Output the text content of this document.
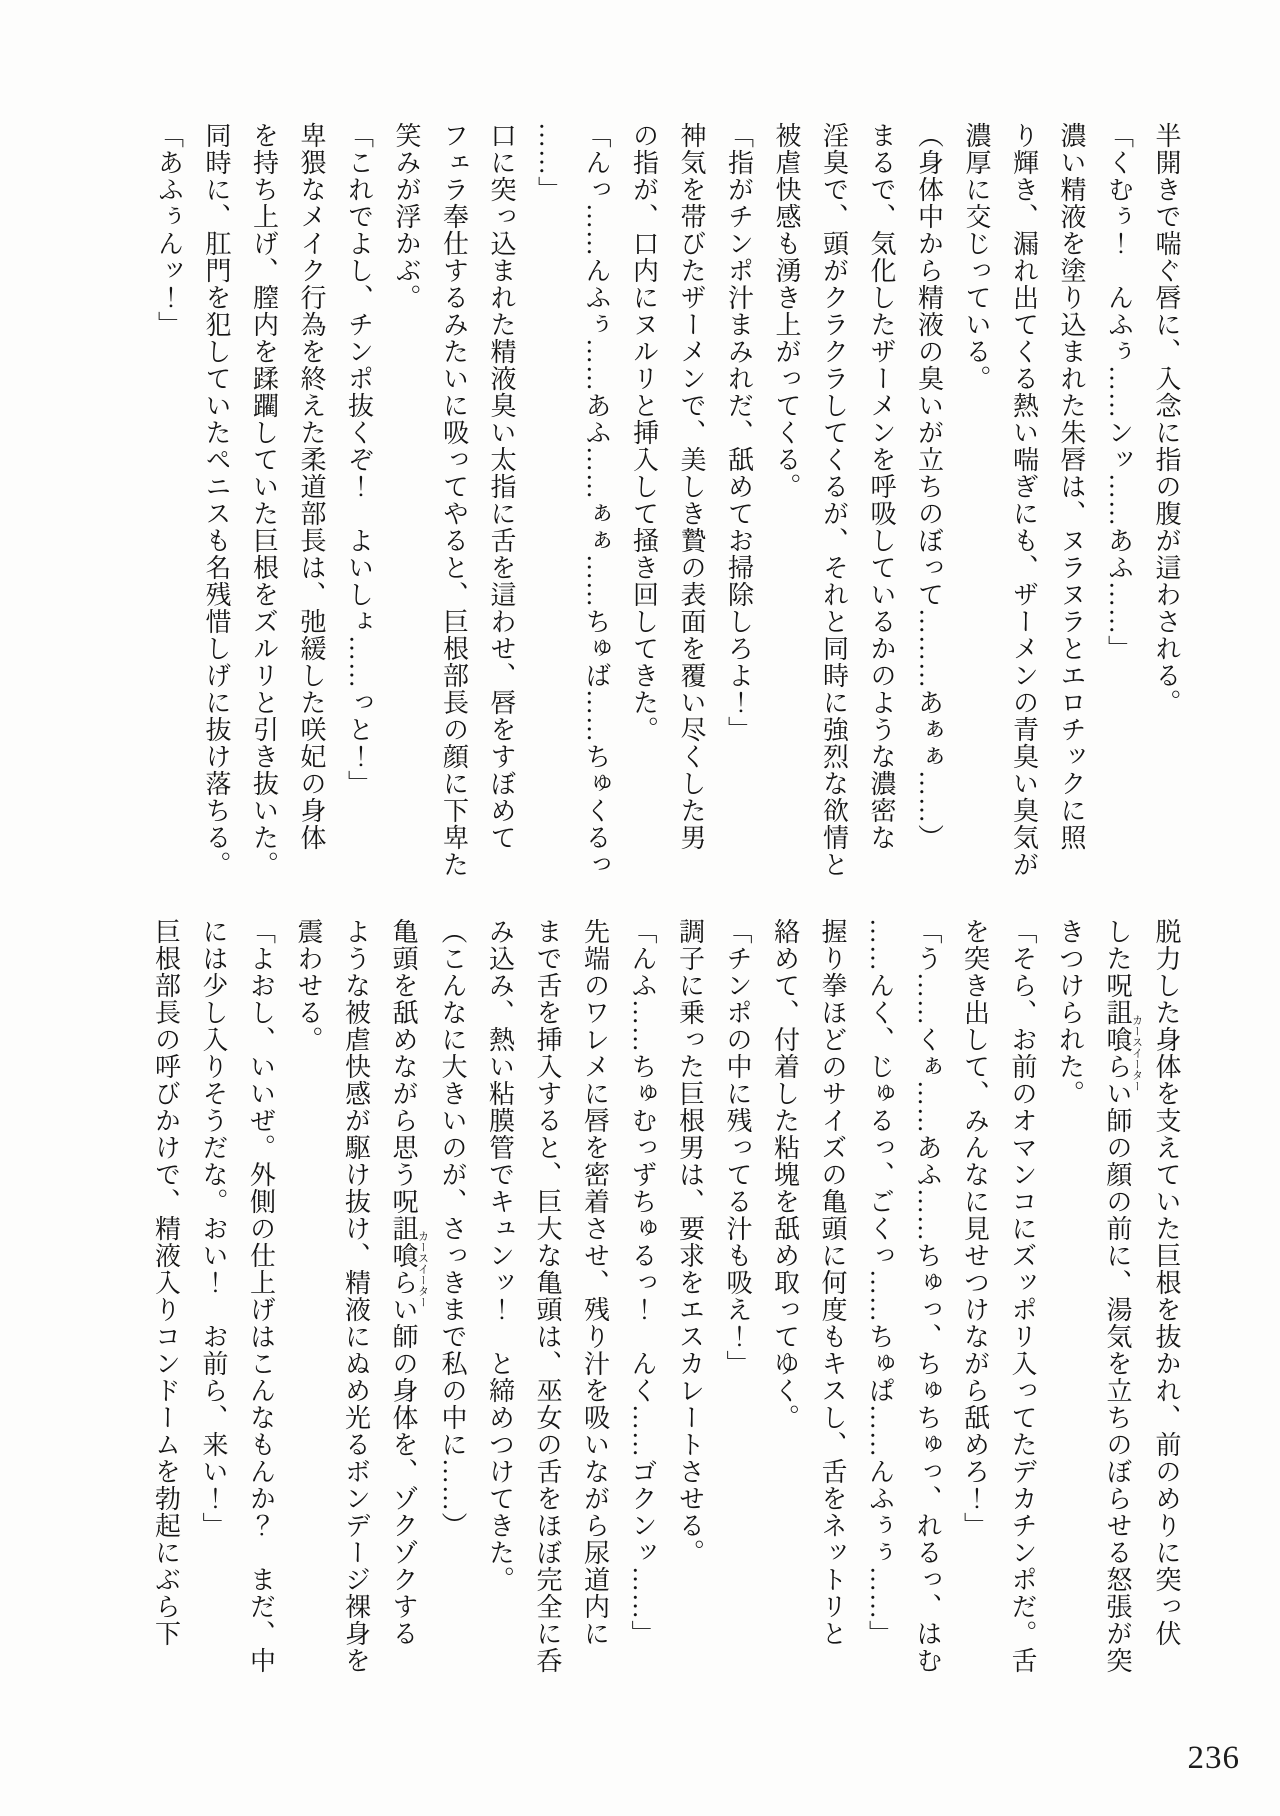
半開きで喘ぐ唇に、入念に指の腹が這わされる。

「くむぅ！　んふぅ……ンッ……あふ……」

濃い精液を塗り込まれた朱唇は、ヌラヌラとエロチックに照

り輝き、漏れ出てくる熱い喘ぎにも、ザーメンの青臭い臭気が

濃厚に交じっている。

（身体中から精液の臭いが立ちのぼって………あぁぁ……）

まるで、気化したザーメンを呼吸しているかのような濃密な

淫臭で、頭がクラクラしてくるが、それと同時に強烈な欲情と

被虐快感も湧き上がってくる。

「指がチンポ汁まみれだ、舐めてお掃除しろよ！」

神気を帯びたザーメンで、美しき贄の表面を覆い尽くした男

の指が、口内にヌルリと挿入して掻き回してきた。

「んっ……んふぅ……あふ……ぁぁ……ちゅば……ちゅくるっ

……」

口に突っ込まれた精液臭い太指に舌を這わせ、唇をすぼめて

フェラ奉仕するみたいに吸ってやると、巨根部長の顔に下卑た

笑みが浮かぶ。

「これでよし、チンポ抜くぞ！　よいしょ……っと！」

卑猥なメイク行為を終えた柔道部長は、弛緩した咲妃の身体

を持ち上げ、膣内を蹂躙していた巨根をズルリと引き抜いた。

同時に、肛門を犯していたペニスも名残惜しげに抜け落ちる。

「あふぅんッ！」

脱力した身体を支えていた巨根を抜かれ、前のめりに突っ伏

した呪詛喰らい師カースイーターの顔の前に、湯気を立ちのぼらせる怒張が突

きつけられた。

「そら、お前のオマンコにズッポリ入ってたデカチンポだ。舌

を突き出して、みんなに見せつけながら舐めろ！」

「う……くぁ……あふ……ちゅっ、ちゅちゅっ、れるっ、はむ

……んく、じゅるっ、ごくっ……ちゅぱ……んふぅぅ……」

握り拳ほどのサイズの亀頭に何度もキスし、舌をネットリと

絡めて、付着した粘塊を舐め取ってゆく。

「チンポの中に残ってる汁も吸え！」

調子に乗った巨根男は、要求をエスカレートさせる。

「んふ……ちゅむっずちゅるっ！　んく……ゴクンッ……」

先端のワレメに唇を密着させ、残り汁を吸いながら尿道内に

まで舌を挿入すると、巨大な亀頭は、巫女の舌をほぼ完全に呑

み込み、熱い粘膜管でキュンッ！　と締めつけてきた。

（こんなに大きいのが、さっきまで私の中に……）

亀頭を舐めながら思う呪詛喰らい師カースイーターの身体を、ゾクゾクする

ような被虐快感が駆け抜け、精液にぬめ光るボンデージ裸身を

震わせる。

「よおし、いいぜ。外側の仕上げはこんなもんか？　まだ、中

には少し入りそうだな。おい！　お前ら、来い！」

巨根部長の呼びかけで、精液入りコンドームを勃起にぶら下

236
